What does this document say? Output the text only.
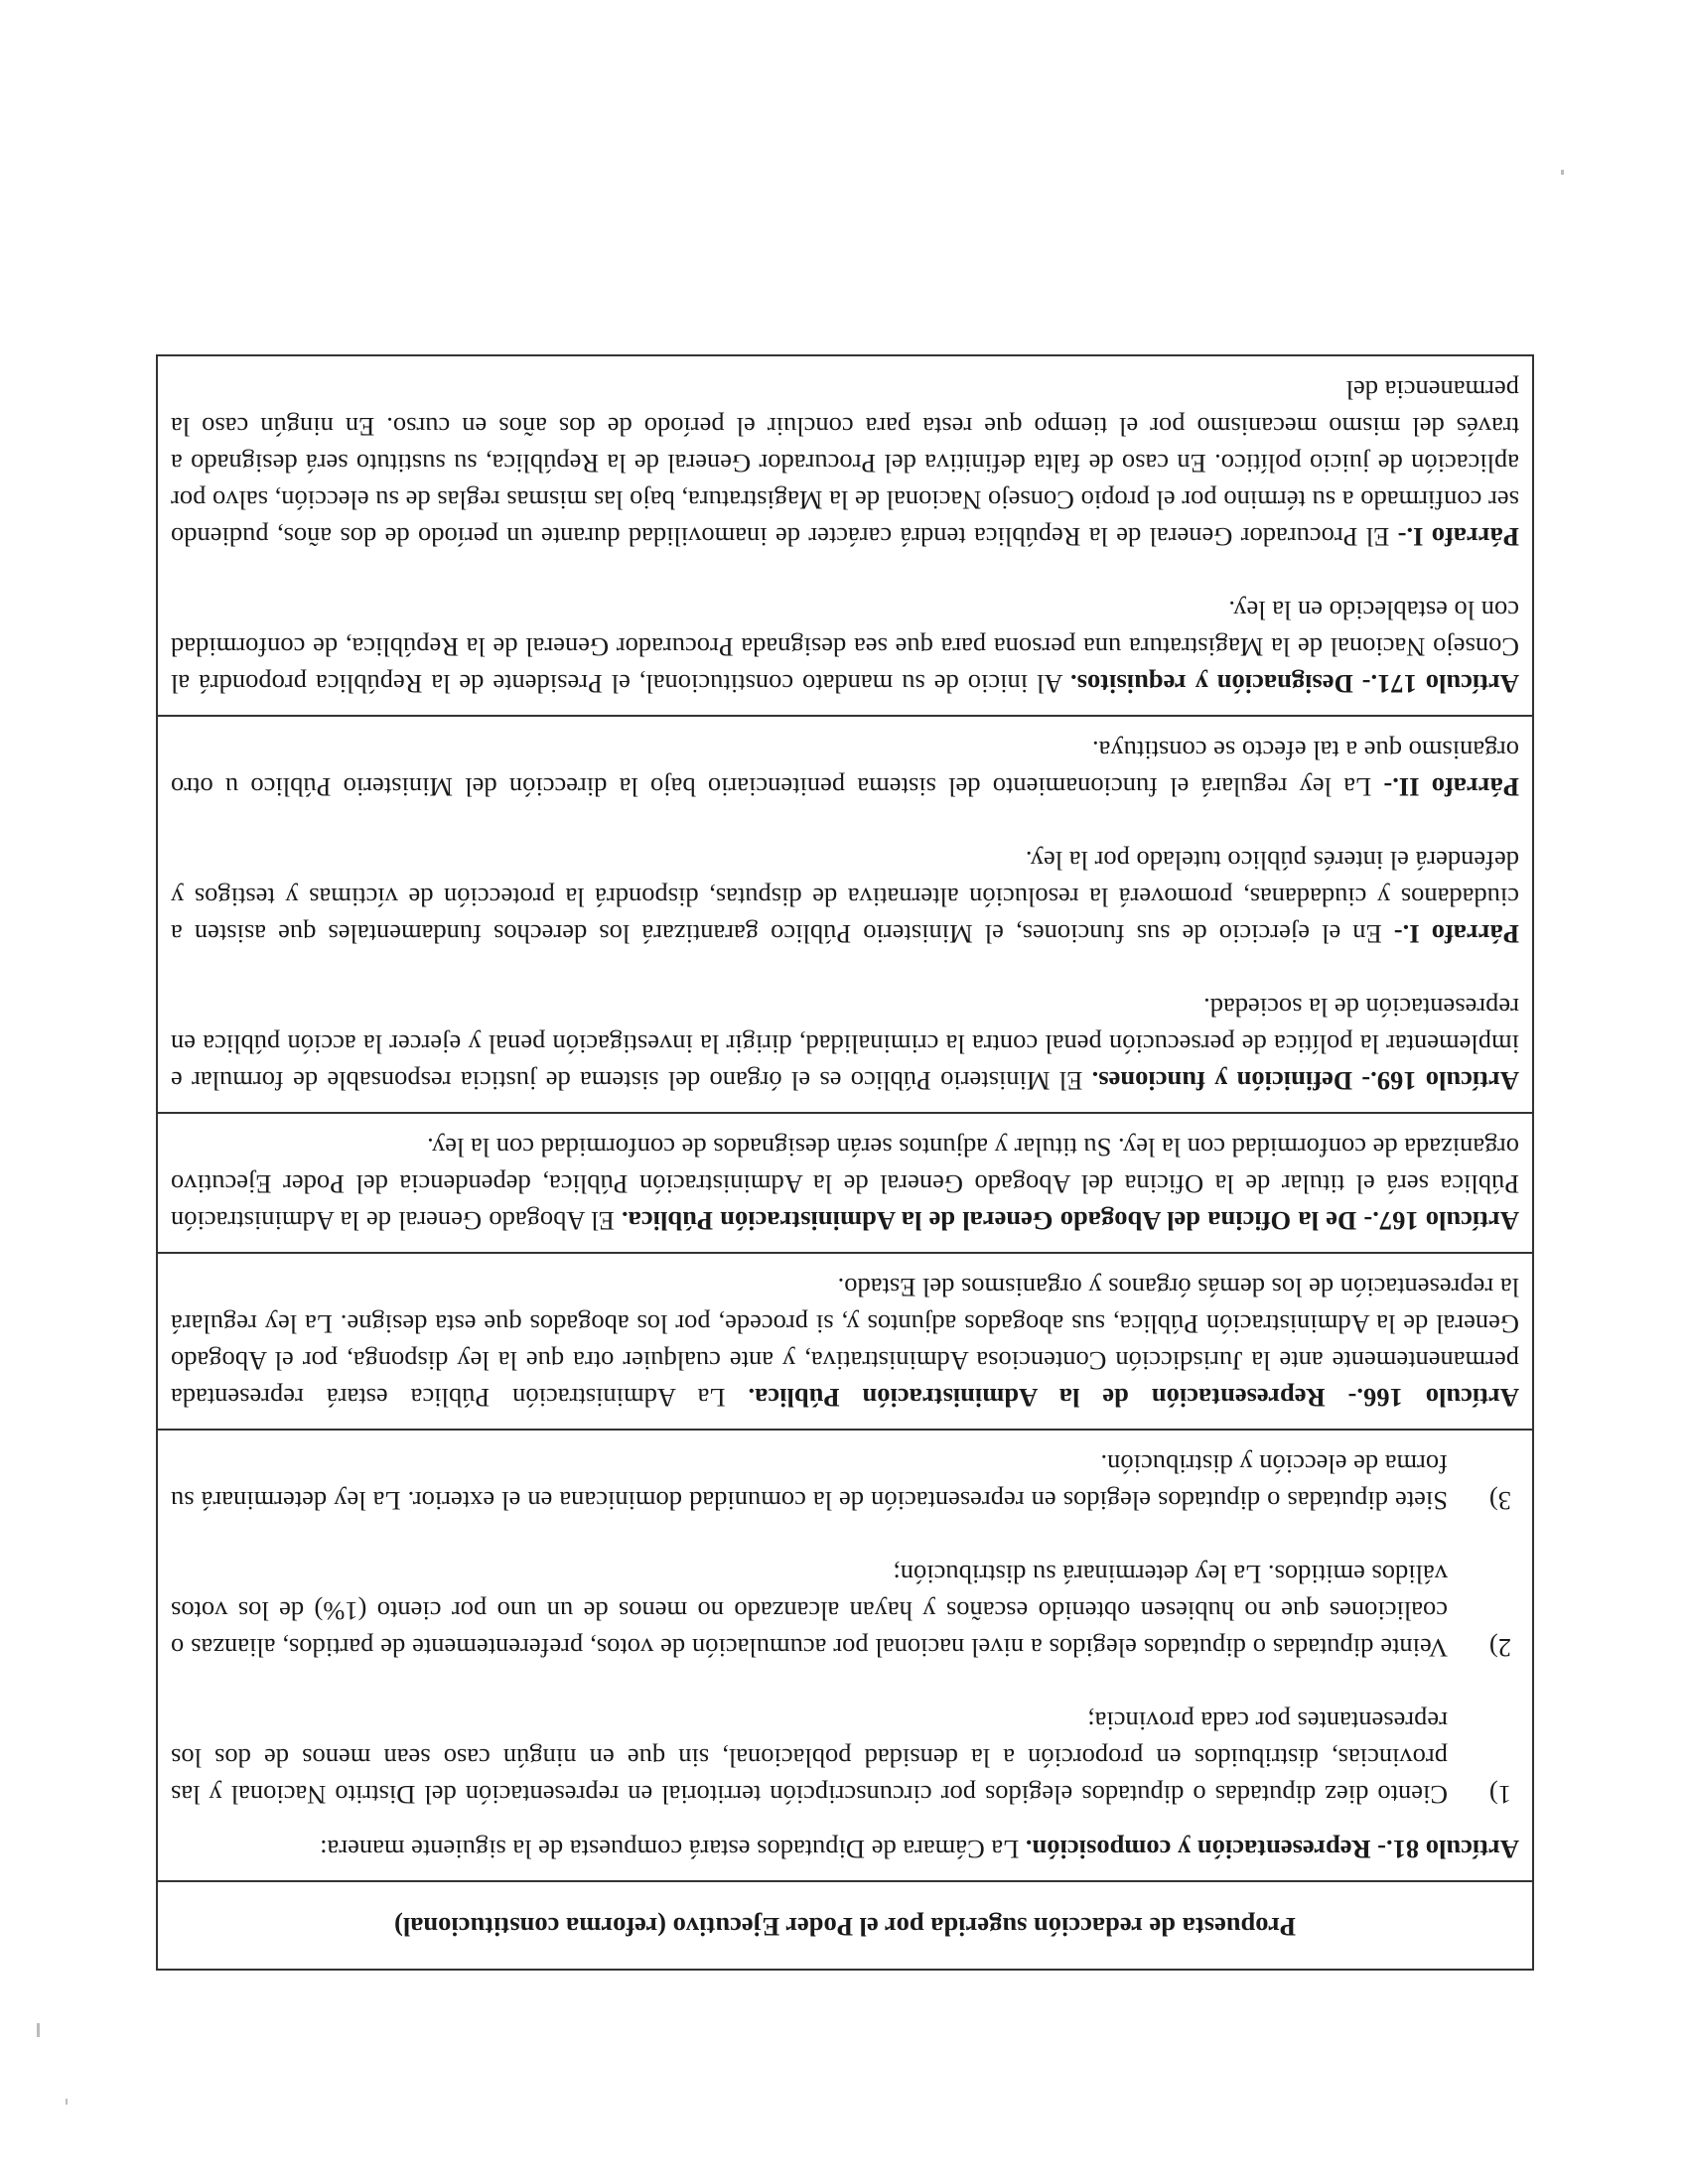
Propuesta de redacción sugerida por el Poder Ejecutivo (reforma constitucional)

Artículo 81.- Representación y composición. La Cámara de Diputados estará compuesta de la siguiente manera:
1)
Ciento diez diputadas o diputados elegidos por circunscripción territorial en representación del Distrito Nacional y las provincias, distribuidos en proporción a la densidad poblacional, sin que en ningún caso sean menos de dos los representantes por cada provincia;
2)
Veinte diputadas o diputados elegidos a nivel nacional por acumulación de votos, preferentemente de partidos, alianzas o coaliciones que no hubiesen obtenido escaños y hayan alcanzado no menos de un uno por ciento (1%) de los votos válidos emitidos. La ley determinará su distribución;
3)
Siete diputadas o diputados elegidos en representación de la comunidad dominicana en el exterior. La ley determinará su forma de elección y distribución.

Artículo 166.- Representación de la Administración Pública. La Administración Pública estará representada permanentemente ante la Jurisdicción Contenciosa Administrativa, y ante cualquier otra que la ley disponga, por el Abogado General de la Administración Pública, sus abogados adjuntos y, si procede, por los abogados que esta designe. La ley regulará la representación de los demás órganos y organismos del Estado.

Artículo 167.- De la Oficina del Abogado General de la Administración Pública. El Abogado General de la Administración Pública será el titular de la Oficina del Abogado General de la Administración Pública, dependencia del Poder Ejecutivo organizada de conformidad con la ley. Su titular y adjuntos serán designados de conformidad con la ley.

Artículo 169.- Definición y funciones. El Ministerio Público es el órgano del sistema de justicia responsable de formular e implementar la política de persecución penal contra la criminalidad, dirigir la investigación penal y ejercer la acción pública en representación de la sociedad.
Párrafo I.- En el ejercicio de sus funciones, el Ministerio Público garantizará los derechos fundamentales que asisten a ciudadanos y ciudadanas, promoverá la resolución alternativa de disputas, dispondrá la protección de víctimas y testigos y defenderá el interés público tutelado por la ley.
Párrafo II.- La ley regulará el funcionamiento del sistema penitenciario bajo la dirección del Ministerio Público u otro organismo que a tal efecto se constituya.

Artículo 171.- Designación y requisitos. Al inicio de su mandato constitucional, el Presidente de la República propondrá al Consejo Nacional de la Magistratura una persona para que sea designada Procurador General de la República, de conformidad con lo establecido en la ley.
Párrafo I.- El Procurador General de la República tendrá carácter de inamovilidad durante un período de dos años, pudiendo ser confirmado a su término por el propio Consejo Nacional de la Magistratura, bajo las mismas reglas de su elección, salvo por aplicación de juicio político. En caso de falta definitiva del Procurador General de la República, su sustituto será designado a través del mismo mecanismo por el tiempo que resta para concluir el período de dos años en curso. En ningún caso la permanencia del
